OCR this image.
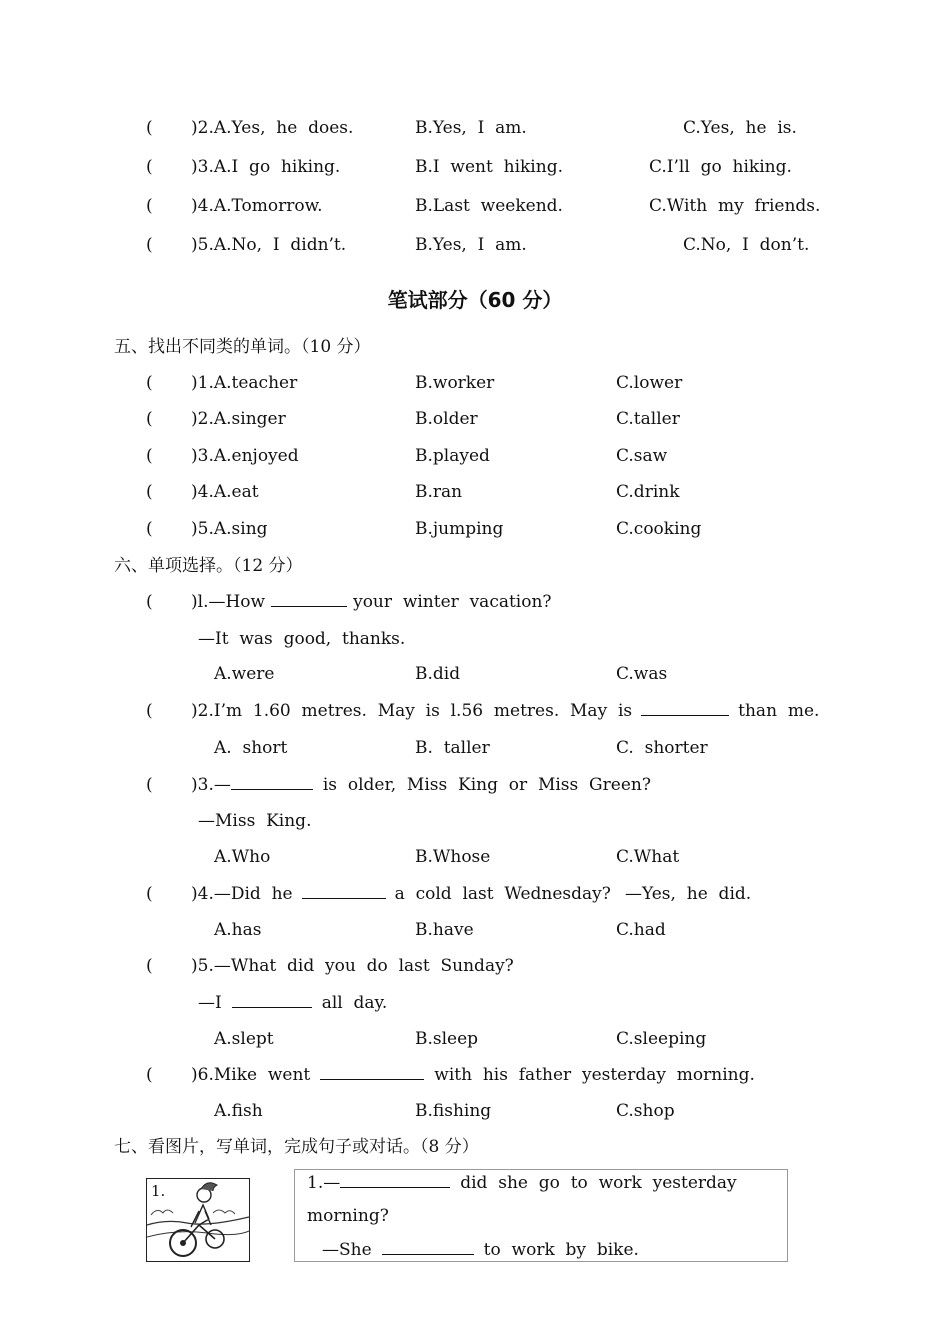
( )2.A.Yes,  he  does.	B.Yes,  I  am.	C.Yes,  he  is.
( )3.A.I  go  hiking.	B.I  went  hiking.	C.I’ll  go  hiking.
( )4.A.Tomorrow.	B.Last  weekend.	C.With  my  friends.
( )5.A.No,  I  didn’t.	B.Yes,  I  am.	C.No,  I  don’t.
笔试部分（60 分）
五、找出不同类的单词。（10 分）
( )1.A.teacher	B.worker	C.lower
( )2.A.singer	B.older	C.taller
( )3.A.enjoyed	B.played	C.saw
( )4.A.eat	B.ran	C.drink
( )5.A.sing	B.jumping	C.cooking
六、单项选择。（12 分）
( )l.—How	your  winter  vacation?
—It  was  good,  thanks.
A.were	B.did	C.was
( )2.I’m  1.60  metres.  May  is  l.56  metres.  May  is	than  me.
A.  short	B.  taller	C.  shorter
( )3.—	is  older,  Miss  King  or  Miss  Green?
—Miss  King.
A.Who	B.Whose	C.What
( )4.—Did  he	a  cold  last  Wednesday? —Yes,  he  did.
A.has	B.have	C.had
( )5.—What  did  you  do  last  Sunday?
—I	all  day.
A.slept	B.sleep	C.sleeping
( )6.Mike  went	with  his  father  yesterday  morning.
A.fish	B.fishing	C.shop
七、看图片，写单词，完成句子或对话。（8 分）
1.	1.—	did  she  go  to  work  yesterday
morning?
—She	to  work  by  bike.
